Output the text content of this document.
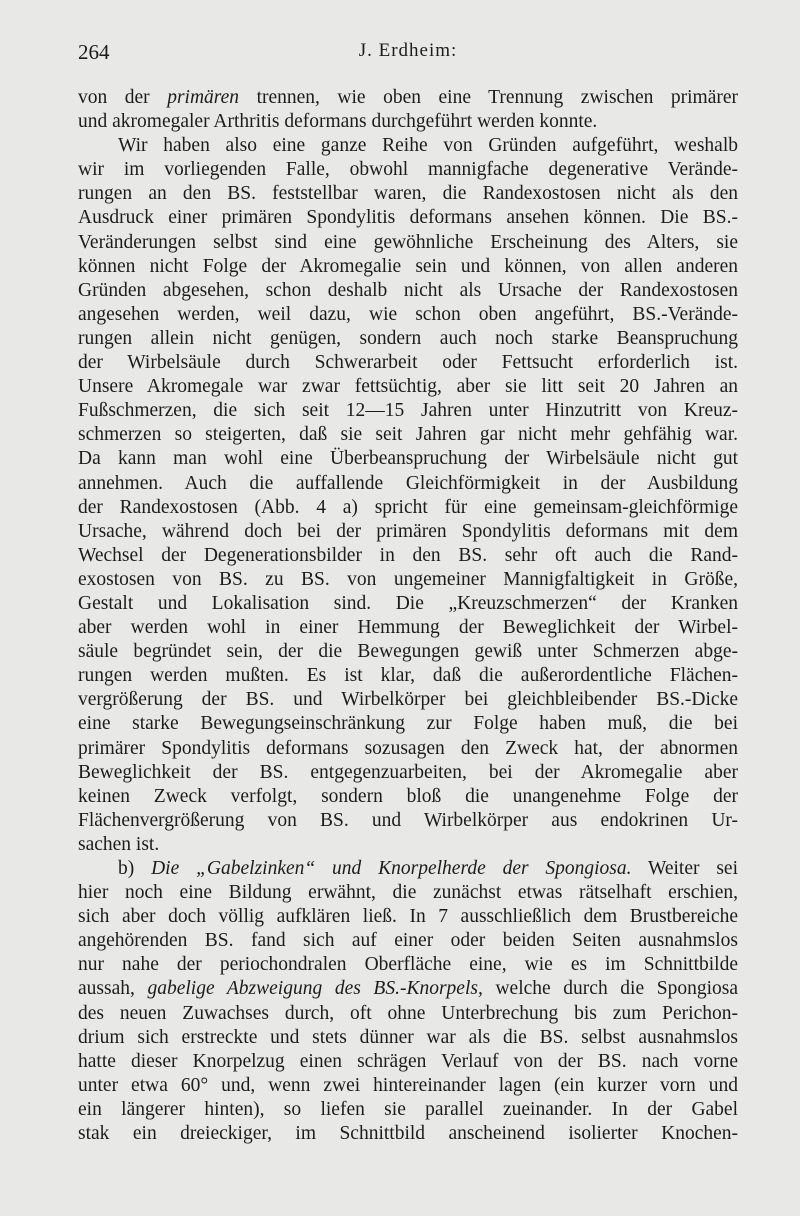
264	J. Erdheim:
von der primären trennen, wie oben eine Trennung zwischen primärer
und akromegaler Arthritis deformans durchgeführt werden konnte.
Wir haben also eine ganze Reihe von Gründen aufgeführt, weshalb
wir im vorliegenden Falle, obwohl mannigfache degenerative Verände-
rungen an den BS. feststellbar waren, die Randexostosen nicht als den
Ausdruck einer primären Spondylitis deformans ansehen können. Die BS.-
Veränderungen selbst sind eine gewöhnliche Erscheinung des Alters, sie
können nicht Folge der Akromegalie sein und können, von allen anderen
Gründen abgesehen, schon deshalb nicht als Ursache der Randexostosen
angesehen werden, weil dazu, wie schon oben angeführt, BS.-Verände-
rungen allein nicht genügen, sondern auch noch starke Beanspruchung
der Wirbelsäule durch Schwerarbeit oder Fettsucht erforderlich ist.
Unsere Akromegale war zwar fettsüchtig, aber sie litt seit 20 Jahren an
Fußschmerzen, die sich seit 12—15 Jahren unter Hinzutritt von Kreuz-
schmerzen so steigerten, daß sie seit Jahren gar nicht mehr gehfähig war.
Da kann man wohl eine Überbeanspruchung der Wirbelsäule nicht gut
annehmen. Auch die auffallende Gleichförmigkeit in der Ausbildung
der Randexostosen (Abb. 4 a) spricht für eine gemeinsam-gleichförmige
Ursache, während doch bei der primären Spondylitis deformans mit dem
Wechsel der Degenerationsbilder in den BS. sehr oft auch die Rand-
exostosen von BS. zu BS. von ungemeiner Mannigfaltigkeit in Größe,
Gestalt und Lokalisation sind. Die „Kreuzschmerzen“ der Kranken
aber werden wohl in einer Hemmung der Beweglichkeit der Wirbel-
säule begründet sein, der die Bewegungen gewiß unter Schmerzen abge-
rungen werden mußten. Es ist klar, daß die außerordentliche Flächen-
vergrößerung der BS. und Wirbelkörper bei gleichbleibender BS.-Dicke
eine starke Bewegungseinschränkung zur Folge haben muß, die bei
primärer Spondylitis deformans sozusagen den Zweck hat, der abnormen
Beweglichkeit der BS. entgegenzuarbeiten, bei der Akromegalie aber
keinen Zweck verfolgt, sondern bloß die unangenehme Folge der
Flächenvergrößerung von BS. und Wirbelkörper aus endokrinen Ur-
sachen ist.
b) Die „Gabelzinken“ und Knorpelherde der Spongiosa. Weiter sei
hier noch eine Bildung erwähnt, die zunächst etwas rätselhaft erschien,
sich aber doch völlig aufklären ließ. In 7 ausschließlich dem Brustbereiche
angehörenden BS. fand sich auf einer oder beiden Seiten ausnahmslos
nur nahe der periochondralen Oberfläche eine, wie es im Schnittbilde
aussah, gabelige Abzweigung des BS.-Knorpels, welche durch die Spongiosa
des neuen Zuwachses durch, oft ohne Unterbrechung bis zum Perichon-
drium sich erstreckte und stets dünner war als die BS. selbst ausnahmslos
hatte dieser Knorpelzug einen schrägen Verlauf von der BS. nach vorne
unter etwa 60° und, wenn zwei hintereinander lagen (ein kurzer vorn und
ein längerer hinten), so liefen sie parallel zueinander. In der Gabel
stak ein dreieckiger, im Schnittbild anscheinend isolierter Knochen-
